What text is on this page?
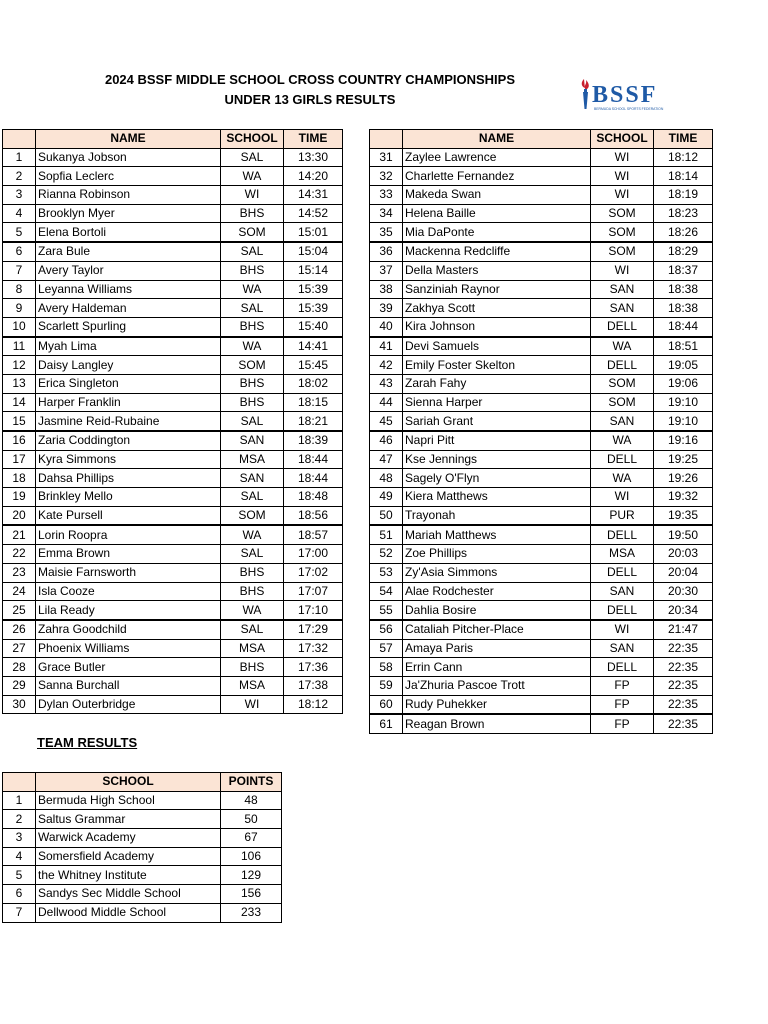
2024 BSSF MIDDLE SCHOOL CROSS COUNTRY CHAMPIONSHIPS
UNDER 13 GIRLS RESULTS	BSSF
BERMUDA SCHOOL SPORTS FEDERATION
	NAME	SCHOOL	TIME
1	Sukanya Jobson	SAL	13:30
2	Sopfia Leclerc	WA	14:20
3	Rianna Robinson	WI	14:31
4	Brooklyn Myer	BHS	14:52
5	Elena Bortoli	SOM	15:01
6	Zara Bule	SAL	15:04
7	Avery Taylor	BHS	15:14
8	Leyanna Williams	WA	15:39
9	Avery Haldeman	SAL	15:39
10	Scarlett Spurling	BHS	15:40
11	Myah Lima	WA	14:41
12	Daisy Langley	SOM	15:45
13	Erica Singleton	BHS	18:02
14	Harper Franklin	BHS	18:15
15	Jasmine Reid-Rubaine	SAL	18:21
16	Zaria Coddington	SAN	18:39
17	Kyra Simmons	MSA	18:44
18	Dahsa Phillips	SAN	18:44
19	Brinkley Mello	SAL	18:48
20	Kate Pursell	SOM	18:56
21	Lorin Roopra	WA	18:57
22	Emma Brown	SAL	17:00
23	Maisie Farnsworth	BHS	17:02
24	Isla Cooze	BHS	17:07
25	Lila Ready	WA	17:10
26	Zahra Goodchild	SAL	17:29
27	Phoenix Williams	MSA	17:32
28	Grace Butler	BHS	17:36
29	Sanna Burchall	MSA	17:38
30	Dylan Outerbridge	WI	18:12
	NAME	SCHOOL	TIME
31	Zaylee Lawrence	WI	18:12
32	Charlette Fernandez	WI	18:14
33	Makeda Swan	WI	18:19
34	Helena Baille	SOM	18:23
35	Mia DaPonte	SOM	18:26
36	Mackenna Redcliffe	SOM	18:29
37	Della Masters	WI	18:37
38	Sanziniah Raynor	SAN	18:38
39	Zakhya Scott	SAN	18:38
40	Kira Johnson	DELL	18:44
41	Devi Samuels	WA	18:51
42	Emily Foster Skelton	DELL	19:05
43	Zarah Fahy	SOM	19:06
44	Sienna Harper	SOM	19:10
45	Sariah Grant	SAN	19:10
46	Napri Pitt	WA	19:16
47	Kse Jennings	DELL	19:25
48	Sagely O'Flyn	WA	19:26
49	Kiera Matthews	WI	19:32
50	Trayonah	PUR	19:35
51	Mariah Matthews	DELL	19:50
52	Zoe Phillips	MSA	20:03
53	Zy'Asia Simmons	DELL	20:04
54	Alae Rodchester	SAN	20:30
55	Dahlia Bosire	DELL	20:34
56	Cataliah Pitcher-Place	WI	21:47
57	Amaya Paris	SAN	22:35
58	Errin Cann	DELL	22:35
59	Ja'Zhuria Pascoe Trott	FP	22:35
60	Rudy Puhekker	FP	22:35
61	Reagan Brown	FP	22:35
TEAM RESULTS
	SCHOOL	POINTS
1	Bermuda High School	48
2	Saltus Grammar	50
3	Warwick Academy	67
4	Somersfield Academy	106
5	the Whitney Institute	129
6	Sandys Sec Middle School	156
7	Dellwood Middle School	233
